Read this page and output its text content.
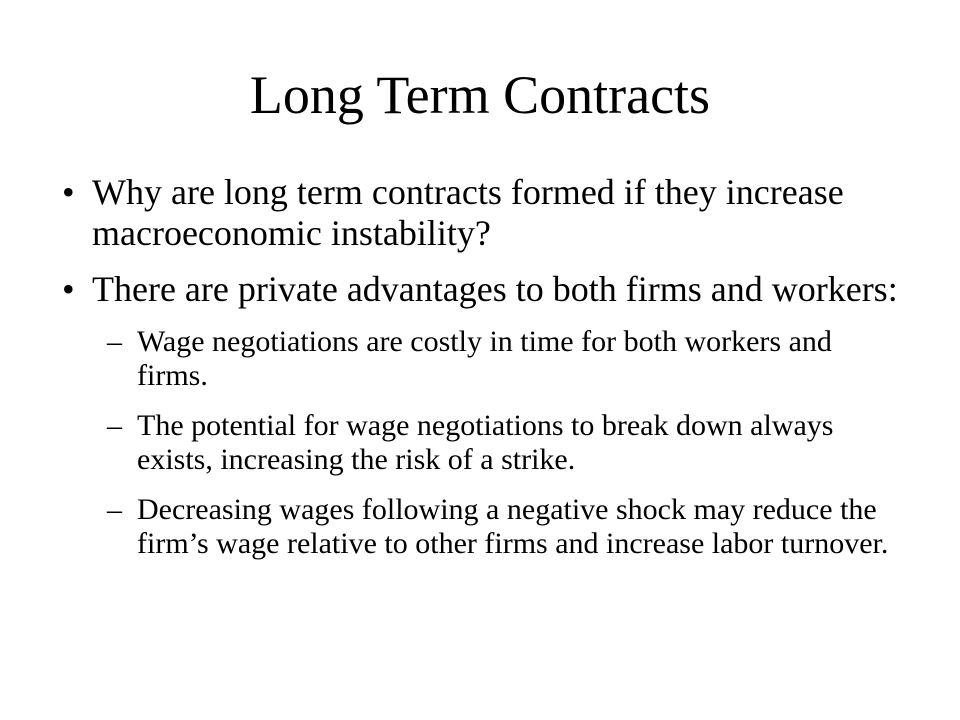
Long Term Contracts
• Why are long term contracts formed if they increase macroeconomic instability?
• There are private advantages to both firms and workers:
– Wage negotiations are costly in time for both workers and firms.
– The potential for wage negotiations to break down always exists, increasing the risk of a strike.
– Decreasing wages following a negative shock may reduce the firm’s wage relative to other firms and increase labor turnover.
